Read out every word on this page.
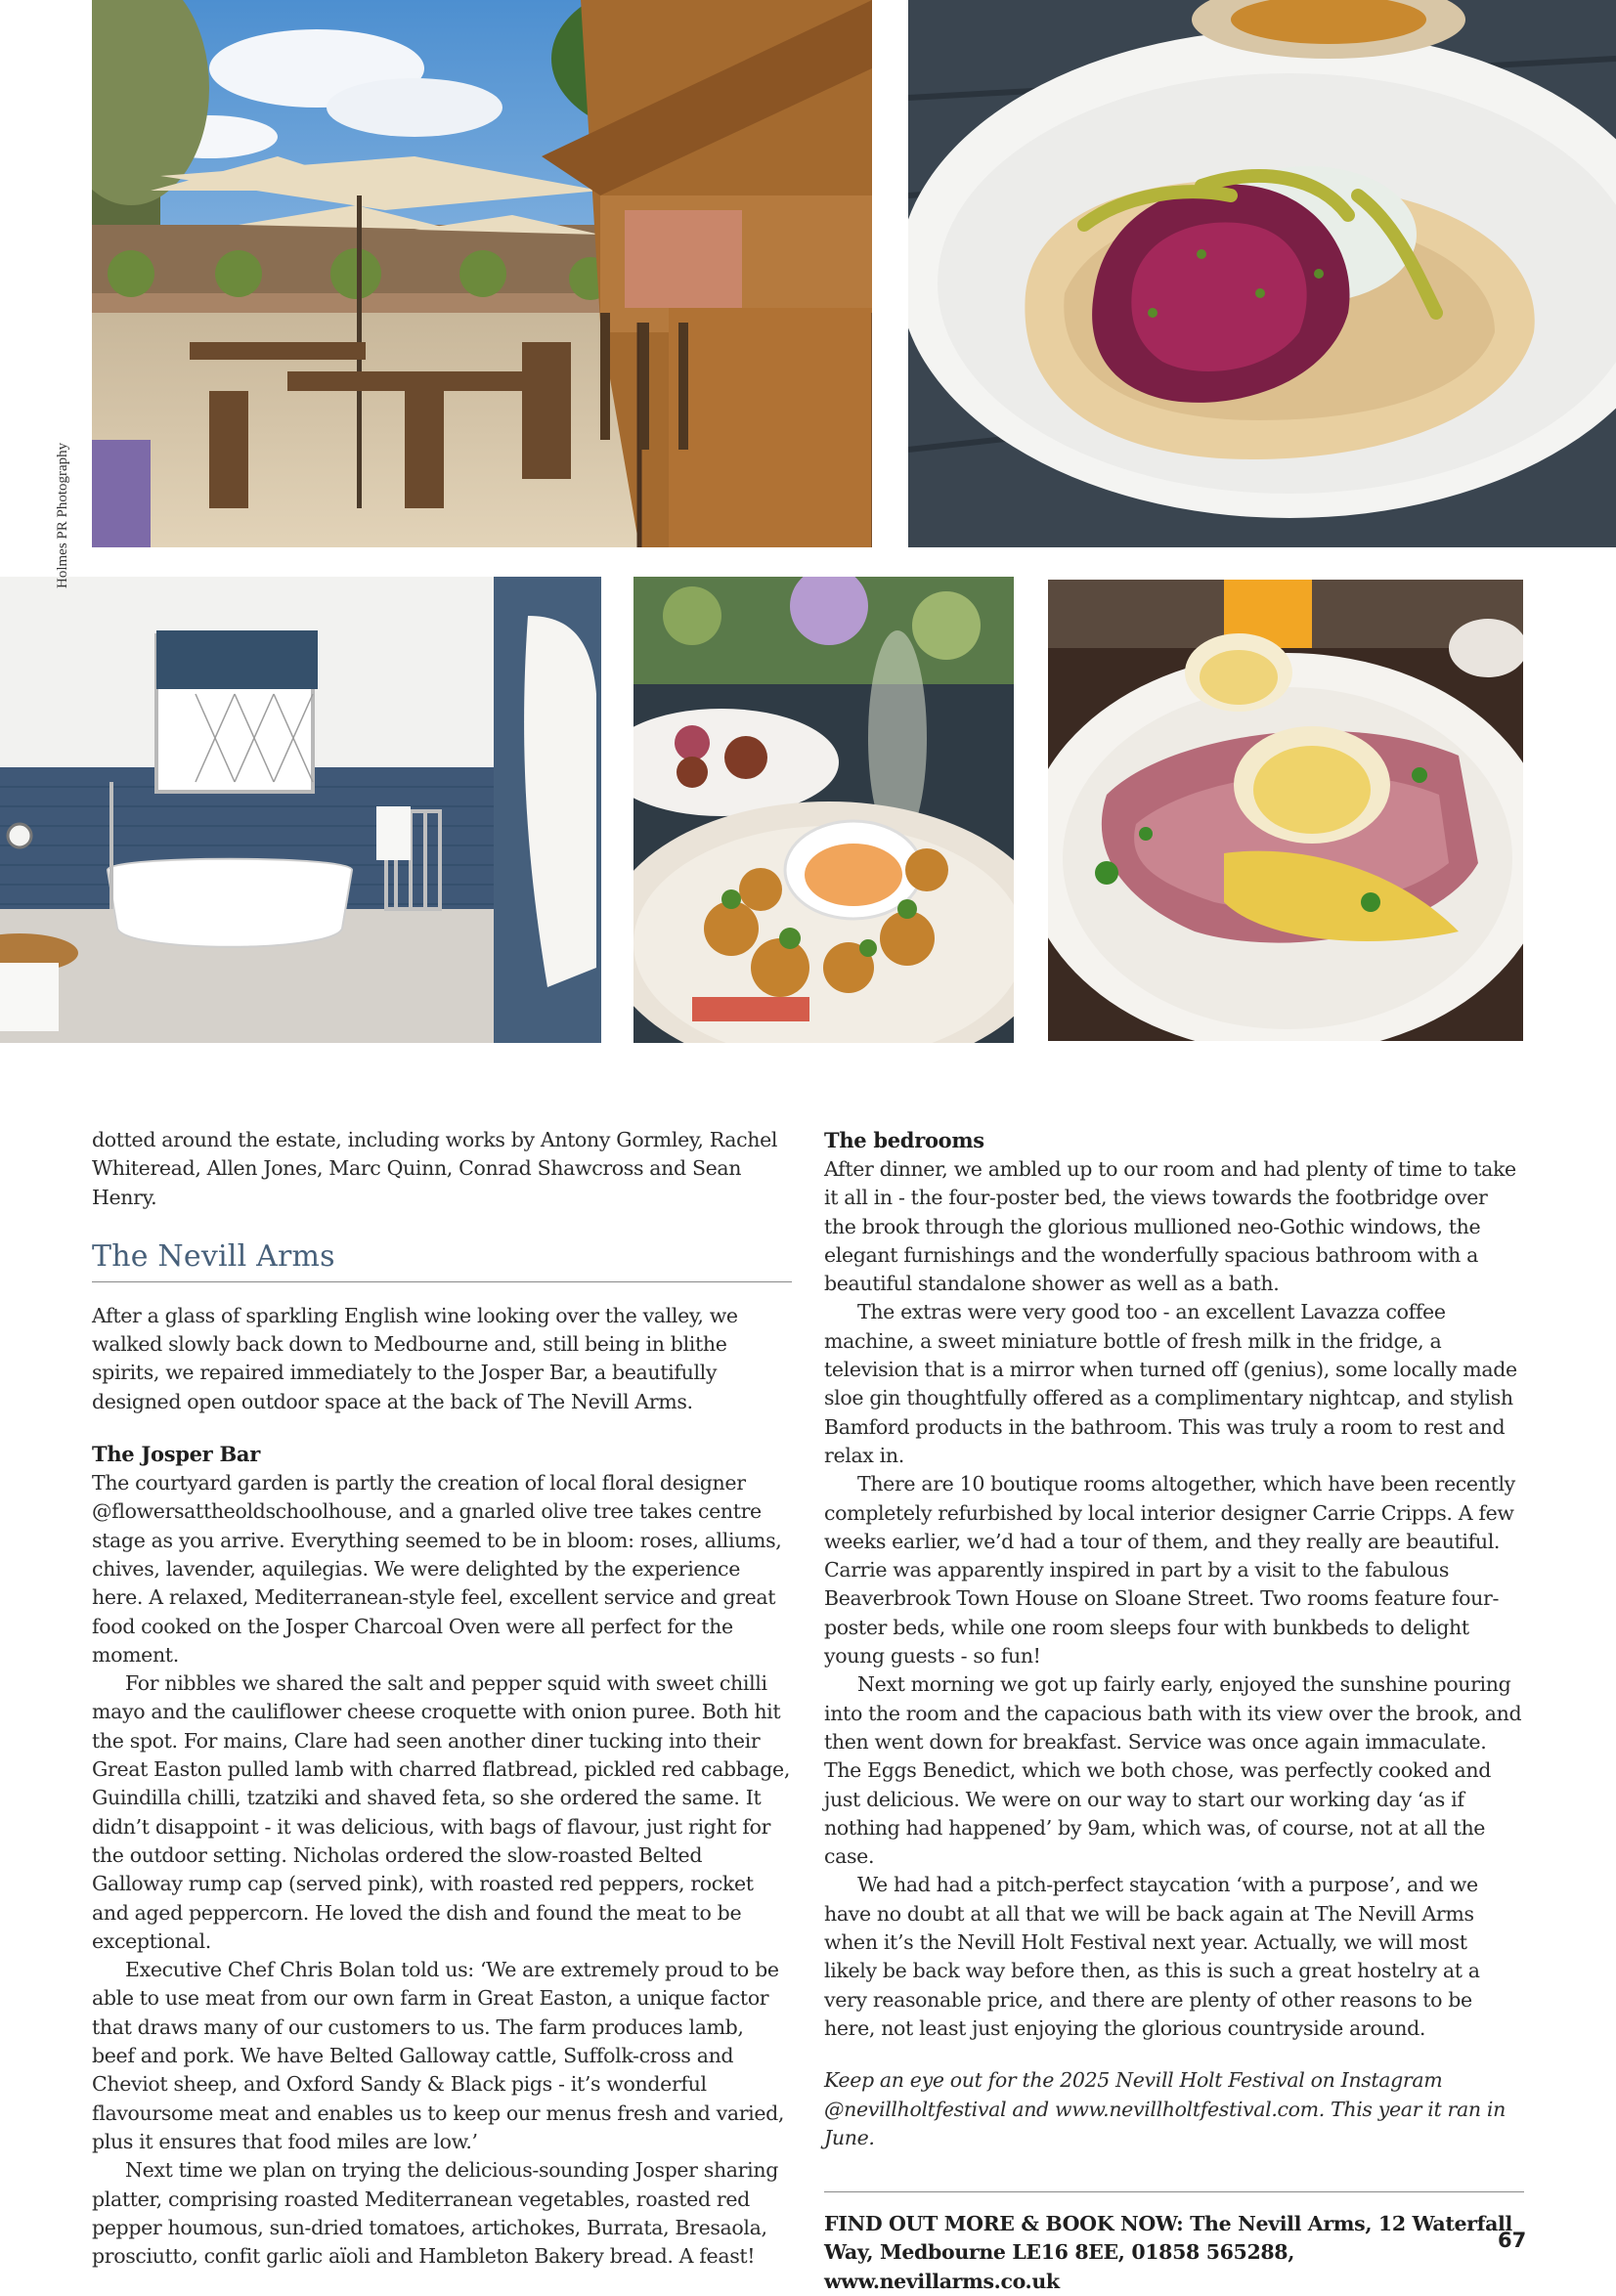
Holmes PR Photography

dotted around the estate, including works by Antony Gormley, Rachel Whiteread, Allen Jones, Marc Quinn, Conrad Shawcross and Sean Henry.

The Nevill Arms

After a glass of sparkling English wine looking over the valley, we walked slowly back down to Medbourne and, still being in blithe spirits, we repaired immediately to the Josper Bar, a beautifully designed open outdoor space at the back of The Nevill Arms.

The Josper Bar

The courtyard garden is partly the creation of local floral designer @flowersattheoldschoolhouse, and a gnarled olive tree takes centre stage as you arrive. Everything seemed to be in bloom: roses, alliums, chives, lavender, aquilegias. We were delighted by the experience here. A relaxed, Mediterranean-style feel, excellent service and great food cooked on the Josper Charcoal Oven were all perfect for the moment.

For nibbles we shared the salt and pepper squid with sweet chilli mayo and the cauliflower cheese croquette with onion puree. Both hit the spot. For mains, Clare had seen another diner tucking into their Great Easton pulled lamb with charred flatbread, pickled red cabbage, Guindilla chilli, tzatziki and shaved feta, so she ordered the same. It didn’t disappoint - it was delicious, with bags of flavour, just right for the outdoor setting. Nicholas ordered the slow-roasted Belted Galloway rump cap (served pink), with roasted red peppers, rocket and aged peppercorn. He loved the dish and found the meat to be exceptional.

Executive Chef Chris Bolan told us: ‘We are extremely proud to be able to use meat from our own farm in Great Easton, a unique factor that draws many of our customers to us. The farm produces lamb, beef and pork. We have Belted Galloway cattle, Suffolk-cross and Cheviot sheep, and Oxford Sandy & Black pigs - it’s wonderful flavoursome meat and enables us to keep our menus fresh and varied, plus it ensures that food miles are low.’

Next time we plan on trying the delicious-sounding Josper sharing platter, comprising roasted Mediterranean vegetables, roasted red pepper houmous, sun-dried tomatoes, artichokes, Burrata, Bresaola, prosciutto, confit garlic aïoli and Hambleton Bakery bread. A feast!

The bedrooms

After dinner, we ambled up to our room and had plenty of time to take it all in - the four-poster bed, the views towards the footbridge over the brook through the glorious mullioned neo-Gothic windows, the elegant furnishings and the wonderfully spacious bathroom with a beautiful standalone shower as well as a bath.

The extras were very good too - an excellent Lavazza coffee machine, a sweet miniature bottle of fresh milk in the fridge, a television that is a mirror when turned off (genius), some locally made sloe gin thoughtfully offered as a complimentary nightcap, and stylish Bamford products in the bathroom. This was truly a room to rest and relax in.

There are 10 boutique rooms altogether, which have been recently completely refurbished by local interior designer Carrie Cripps. A few weeks earlier, we’d had a tour of them, and they really are beautiful. Carrie was apparently inspired in part by a visit to the fabulous Beaverbrook Town House on Sloane Street. Two rooms feature four-poster beds, while one room sleeps four with bunkbeds to delight young guests - so fun!

Next morning we got up fairly early, enjoyed the sunshine pouring into the room and the capacious bath with its view over the brook, and then went down for breakfast. Service was once again immaculate. The Eggs Benedict, which we both chose, was perfectly cooked and just delicious. We were on our way to start our working day ‘as if nothing had happened’ by 9am, which was, of course, not at all the case.

We had had a pitch-perfect staycation ‘with a purpose’, and we have no doubt at all that we will be back again at The Nevill Arms when it’s the Nevill Holt Festival next year. Actually, we will most likely be back way before then, as this is such a great hostelry at a very reasonable price, and there are plenty of other reasons to be here, not least just enjoying the glorious countryside around.

Keep an eye out for the 2025 Nevill Holt Festival on Instagram @nevillholtfestival and www.nevillholtfestival.com. This year it ran in June.

FIND OUT MORE & BOOK NOW: The Nevill Arms, 12 Waterfall Way, Medbourne LE16 8EE, 01858 565288, www.nevillarms.co.uk
67
